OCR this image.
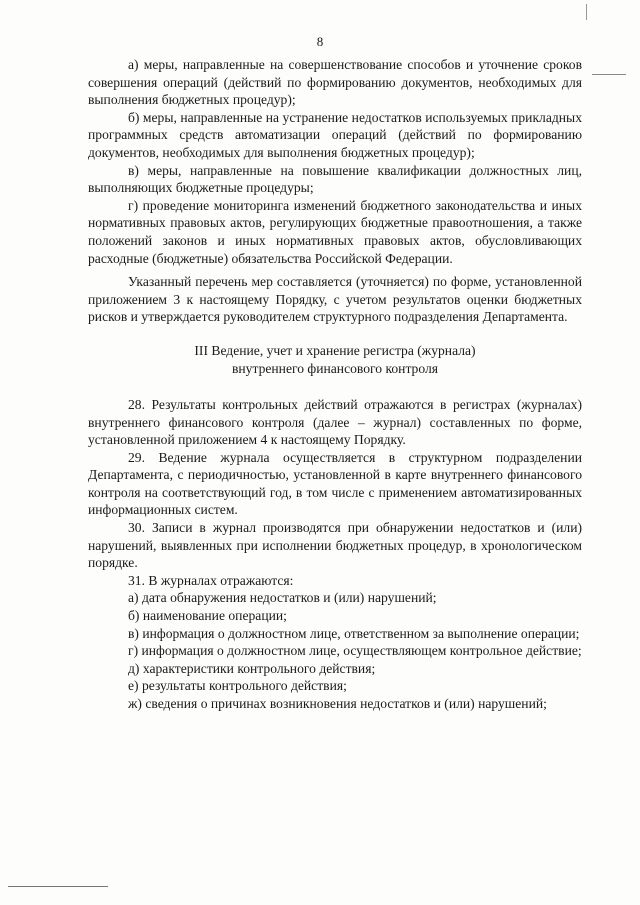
8

а) меры, направленные на совершенствование способов и уточнение сроков совершения операций (действий по формированию документов, необходимых для выполнения бюджетных процедур);

б) меры, направленные на устранение недостатков используемых прикладных программных средств автоматизации операций (действий по формированию документов, необходимых для выполнения бюджетных процедур);

в) меры, направленные на повышение квалификации должностных лиц, выполняющих бюджетные процедуры;

г) проведение мониторинга изменений бюджетного законодательства и иных нормативных правовых актов, регулирующих бюджетные правоотношения, а также положений законов и иных нормативных правовых актов, обусловливающих расходные (бюджетные) обязательства Российской Федерации.

Указанный перечень мер составляется (уточняется) по форме, установленной приложением 3 к настоящему Порядку, с учетом результатов оценки бюджетных рисков и утверждается руководителем структурного подразделения Департамента.

III Ведение, учет и хранение регистра (журнала)
внутреннего финансового контроля

28. Результаты контрольных действий отражаются в регистрах (журналах) внутреннего финансового контроля (далее – журнал) составленных по форме, установленной приложением 4 к настоящему Порядку.

29. Ведение журнала осуществляется в структурном подразделении Департамента, с периодичностью, установленной в карте внутреннего финансового контроля на соответствующий год, в том числе с применением автоматизированных информационных систем.

30. Записи в журнал производятся при обнаружении недостатков и (или) нарушений, выявленных при исполнении бюджетных процедур, в хронологическом порядке.

31. В журналах отражаются:

а) дата обнаружения недостатков и (или) нарушений;

б) наименование операции;

в) информация о должностном лице, ответственном за выполнение операции;

г) информация о должностном лице, осуществляющем контрольное действие;

д) характеристики контрольного действия;

е) результаты контрольного действия;

ж) сведения о причинах возникновения недостатков и (или) нарушений;
